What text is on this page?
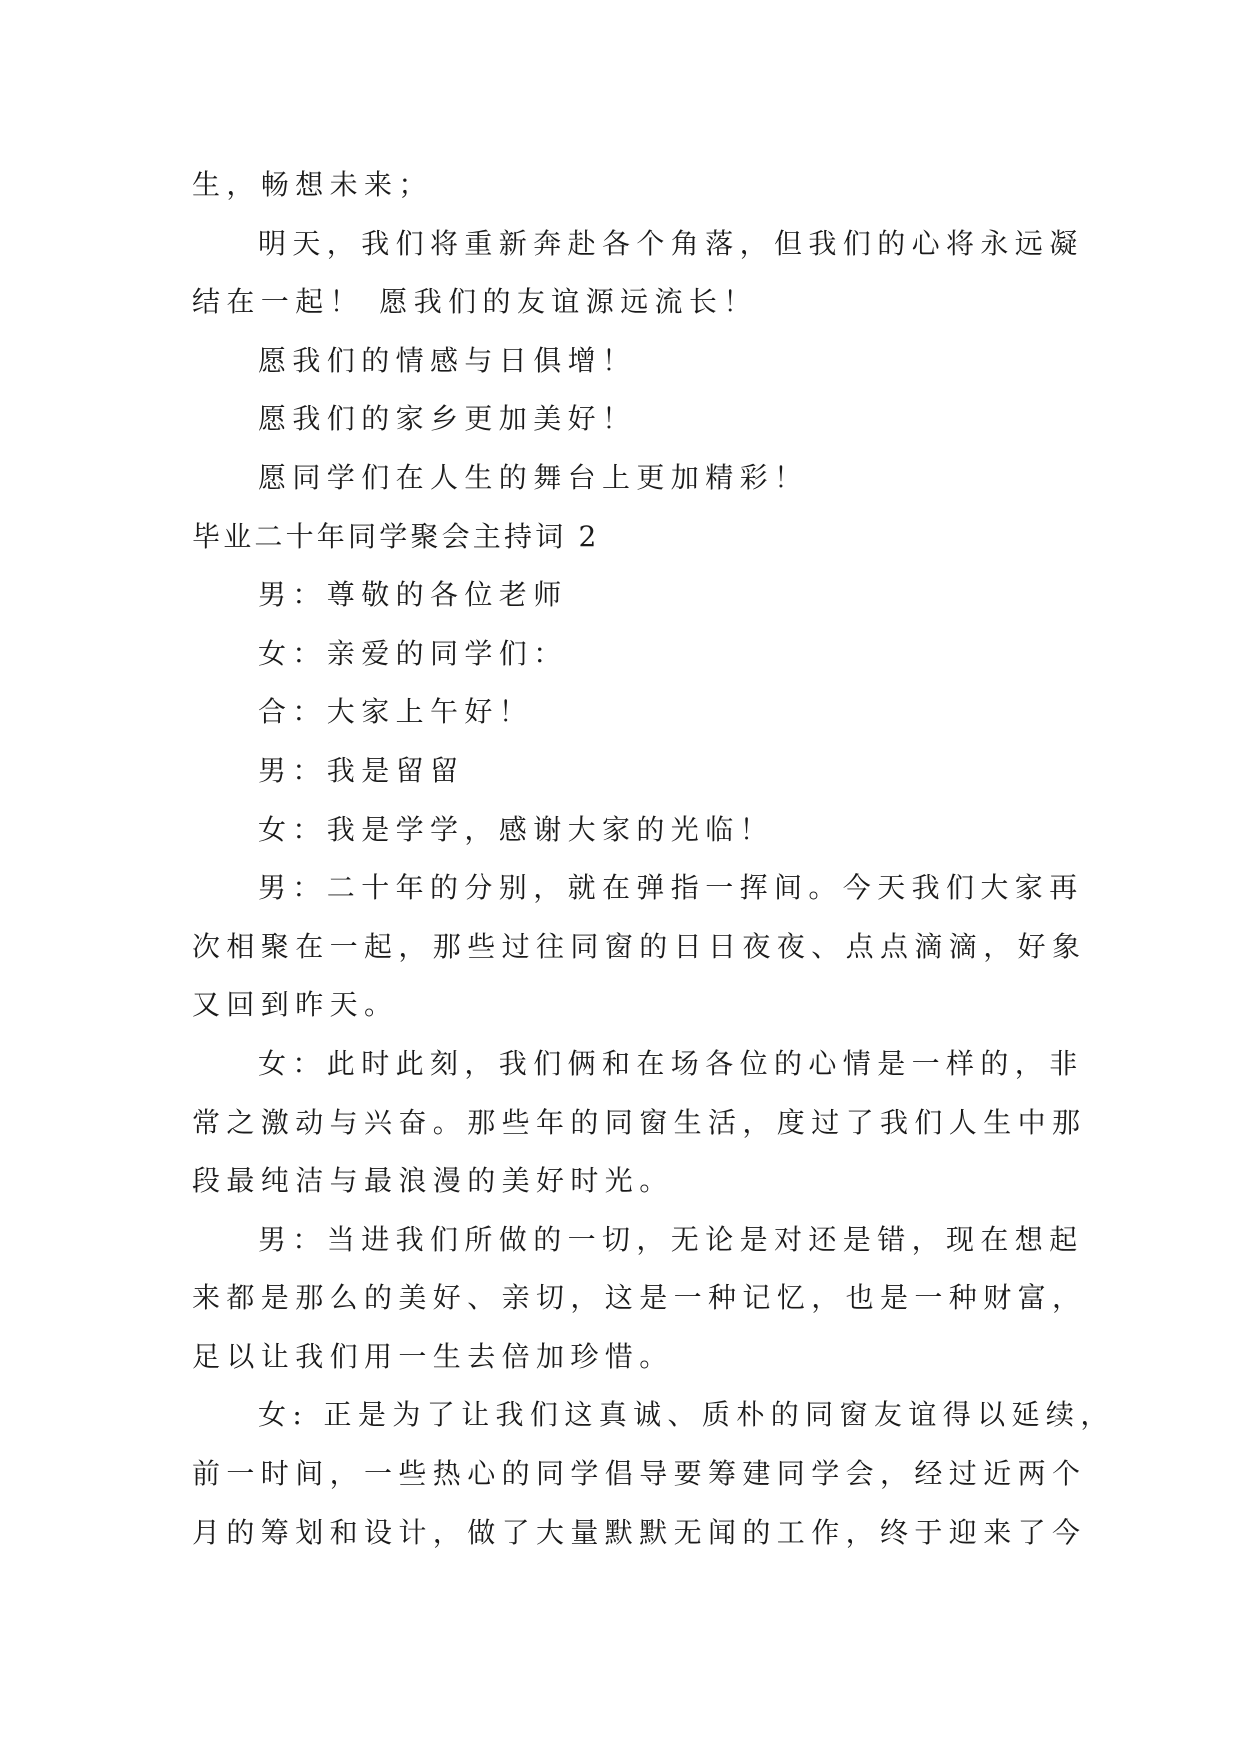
生，畅想未来；
明天，我们将重新奔赴各个角落，但我们的心将永远凝
结在一起！ 愿我们的友谊源远流长！
愿我们的情感与日俱增！
愿我们的家乡更加美好！
愿同学们在人生的舞台上更加精彩！
毕业二十年同学聚会主持词 2
男：尊敬的各位老师
女：亲爱的同学们：
合：大家上午好！
男：我是留留
女：我是学学，感谢大家的光临！
男：二十年的分别，就在弹指一挥间。今天我们大家再
次相聚在一起，那些过往同窗的日日夜夜、点点滴滴，好象
又回到昨天。
女：此时此刻，我们俩和在场各位的心情是一样的，非
常之激动与兴奋。那些年的同窗生活，度过了我们人生中那
段最纯洁与最浪漫的美好时光。
男：当进我们所做的一切，无论是对还是错，现在想起
来都是那么的美好、亲切，这是一种记忆，也是一种财富，
足以让我们用一生去倍加珍惜。
女: 正是为了让我们这真诚、质朴的同窗友谊得以延续，
前一时间，一些热心的同学倡导要筹建同学会，经过近两个
月的筹划和设计，做了大量默默无闻的工作，终于迎来了今
